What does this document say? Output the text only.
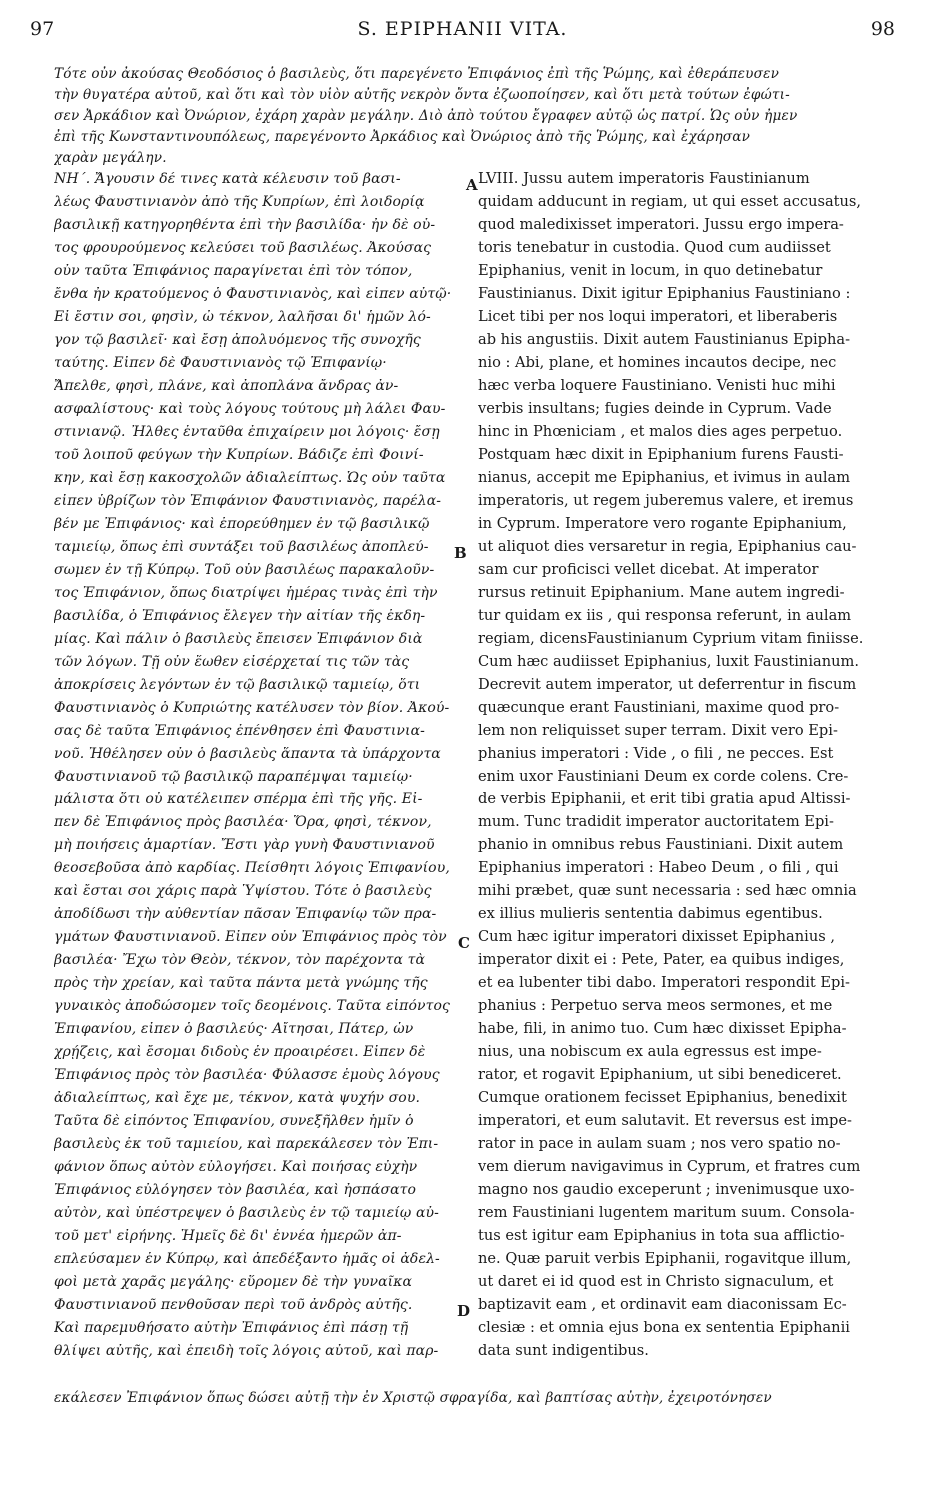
97	S. EPIPHANII VITA.	98
Τότε οὖν ἀκούσας Θεοδόσιος ὁ βασιλεὺς, ὅτι παρεγένετο Ἐπιφάνιος ἐπὶ τῆς Ῥώμης, καὶ ἐθεράπευσεν
τὴν θυγατέρα αὐτοῦ, καὶ ὅτι καὶ τὸν υἱὸν αὐτῆς νεκρὸν ὄντα ἐζωοποίησεν, καὶ ὅτι μετὰ τούτων ἐφώτι-
σεν Ἀρκάδιον καὶ Ὀνώριον, ἐχάρη χαρὰν μεγάλην. Διὸ ἀπὸ τούτου ἔγραφεν αὐτῷ ὡς πατρί. Ὡς οὖν ἦμεν
ἐπὶ τῆς Κωνσταντινουπόλεως, παρεγένοντο Ἀρκάδιος καὶ Ὀνώριος ἀπὸ τῆς Ῥώμης, καὶ ἐχάρησαν
χαρὰν μεγάλην.
ΝΗ΄. Ἄγουσιν δέ τινες κατὰ κέλευσιν τοῦ βασι-
λέως Φαυστινιανὸν ἀπὸ τῆς Κυπρίων, ἐπὶ λοιδορίᾳ
βασιλικῇ κατηγορηθέντα ἐπὶ τὴν βασιλίδα· ἦν δὲ οὗ-
τος φρουρούμενος κελεύσει τοῦ βασιλέως. Ἀκούσας
οὖν ταῦτα Ἐπιφάνιος παραγίνεται ἐπὶ τὸν τόπον,
ἔνθα ἦν κρατούμενος ὁ Φαυστινιανὸς, καὶ εἶπεν αὐτῷ·
Εἰ ἔστιν σοι, φησὶν, ὦ τέκνον, λαλῆσαι δι' ἡμῶν λό-
γον τῷ βασιλεῖ· καὶ ἔσῃ ἀπολυόμενος τῆς συνοχῆς
ταύτης. Εἶπεν δὲ Φαυστινιανὸς τῷ Ἐπιφανίῳ·
Ἄπελθε, φησὶ, πλάνε, καὶ ἀποπλάνα ἄνδρας ἀν-
ασφαλίστους· καὶ τοὺς λόγους τούτους μὴ λάλει Φαυ-
στινιανῷ. Ἦλθες ἐνταῦθα ἐπιχαίρειν μοι λόγοις· ἔσῃ
τοῦ λοιποῦ φεύγων τὴν Κυπρίων. Βάδιζε ἐπὶ Φοινί-
κην, καὶ ἔσῃ κακοσχολῶν ἀδιαλείπτως. Ὡς οὖν ταῦτα
εἶπεν ὑβρίζων τὸν Ἐπιφάνιον Φαυστινιανὸς, παρέλα-
βέν με Ἐπιφάνιος· καὶ ἐπορεύθημεν ἐν τῷ βασιλικῷ
ταμιείῳ, ὅπως ἐπὶ συντάξει τοῦ βασιλέως ἀποπλεύ-
σωμεν ἐν τῇ Κύπρῳ. Τοῦ οὖν βασιλέως παρακαλοῦν-
τος Ἐπιφάνιον, ὅπως διατρίψει ἡμέρας τινὰς ἐπὶ τὴν
βασιλίδα, ὁ Ἐπιφάνιος ἔλεγεν τὴν αἰτίαν τῆς ἐκδη-
μίας. Καὶ πάλιν ὁ βασιλεὺς ἔπεισεν Ἐπιφάνιον διὰ
τῶν λόγων. Τῇ οὖν ἕωθεν εἰσέρχεταί τις τῶν τὰς
ἀποκρίσεις λεγόντων ἐν τῷ βασιλικῷ ταμιείῳ, ὅτι
Φαυστινιανὸς ὁ Κυπριώτης κατέλυσεν τὸν βίον. Ἀκού-
σας δὲ ταῦτα Ἐπιφάνιος ἐπένθησεν ἐπὶ Φαυστινια-
νοῦ. Ἠθέλησεν οὖν ὁ βασιλεὺς ἅπαντα τὰ ὑπάρχοντα
Φαυστινιανοῦ τῷ βασιλικῷ παραπέμψαι ταμιείῳ·
μάλιστα ὅτι οὐ κατέλειπεν σπέρμα ἐπὶ τῆς γῆς. Εἶ-
πεν δὲ Ἐπιφάνιος πρὸς βασιλέα· Ὅρα, φησὶ, τέκνον,
μὴ ποιήσεις ἁμαρτίαν. Ἔστι γὰρ γυνὴ Φαυστινιανοῦ
θεοσεβοῦσα ἀπὸ καρδίας. Πείσθητι λόγοις Ἐπιφανίου,
καὶ ἔσται σοι χάρις παρὰ Ὑψίστου. Τότε ὁ βασιλεὺς
ἀποδίδωσι τὴν αὐθεντίαν πᾶσαν Ἐπιφανίῳ τῶν πρα-
γμάτων Φαυστινιανοῦ. Εἶπεν οὖν Ἐπιφάνιος πρὸς τὸν
βασιλέα· Ἔχω τὸν Θεὸν, τέκνον, τὸν παρέχοντα τὰ
πρὸς τὴν χρείαν, καὶ ταῦτα πάντα μετὰ γνώμης τῆς
γυναικὸς ἀποδώσομεν τοῖς δεομένοις. Ταῦτα εἰπόντος
Ἐπιφανίου, εἶπεν ὁ βασιλεύς· Αἴτησαι, Πάτερ, ὧν
χρῄζεις, καὶ ἔσομαι διδοὺς ἐν προαιρέσει. Εἶπεν δὲ
Ἐπιφάνιος πρὸς τὸν βασιλέα· Φύλασσε ἐμοὺς λόγους
ἀδιαλείπτως, καὶ ἔχε με, τέκνον, κατὰ ψυχήν σου.
Ταῦτα δὲ εἰπόντος Ἐπιφανίου, συνεξῆλθεν ἡμῖν ὁ
βασιλεὺς ἐκ τοῦ ταμιείου, καὶ παρεκάλεσεν τὸν Ἐπι-
φάνιον ὅπως αὐτὸν εὐλογήσει. Καὶ ποιήσας εὐχὴν
Ἐπιφάνιος εὐλόγησεν τὸν βασιλέα, καὶ ἠσπάσατο
αὐτὸν, καὶ ὑπέστρεψεν ὁ βασιλεὺς ἐν τῷ ταμιείῳ αὐ-
τοῦ μετ' εἰρήνης. Ἡμεῖς δὲ δι' ἐννέα ἡμερῶν ἀπ-
επλεύσαμεν ἐν Κύπρῳ, καὶ ἀπεδέξαντο ἡμᾶς οἱ ἀδελ-
φοὶ μετὰ χαρᾶς μεγάλης· εὕρομεν δὲ τὴν γυναῖκα
Φαυστινιανοῦ πενθοῦσαν περὶ τοῦ ἀνδρὸς αὐτῆς.
Καὶ παρεμυθήσατο αὐτὴν Ἐπιφάνιος ἐπὶ πάσῃ τῇ
θλίψει αὐτῆς, καὶ ἐπειδὴ τοῖς λόγοις αὐτοῦ, καὶ παρ-
A
B
C
D
LVIII. Jussu autem imperatoris Faustinianum
quidam adducunt in regiam, ut qui esset accusatus,
quod maledixisset imperatori. Jussu ergo impera-
toris tenebatur in custodia. Quod cum audiisset
Epiphanius, venit in locum, in quo detinebatur
Faustinianus. Dixit igitur Epiphanius Faustiniano :
Licet tibi per nos loqui imperatori, et liberaberis
ab his angustiis. Dixit autem Faustinianus Epipha-
nio : Abi, plane, et homines incautos decipe, nec
hæc verba loquere Faustiniano. Venisti huc mihi
verbis insultans; fugies deinde in Cyprum. Vade
hinc in Phœniciam , et malos dies ages perpetuo.
Postquam hæc dixit in Epiphanium furens Fausti-
nianus, accepit me Epiphanius, et ivimus in aulam
imperatoris, ut regem juberemus valere, et iremus
in Cyprum. Imperatore vero rogante Epiphanium,
ut aliquot dies versaretur in regia, Epiphanius cau-
sam cur proficisci vellet dicebat. At imperator
rursus retinuit Epiphanium. Mane autem ingredi-
tur quidam ex iis , qui responsa referunt, in aulam
regiam, dicensFaustinianum Cyprium vitam finiisse.
Cum hæc audiisset Epiphanius, luxit Faustinianum.
Decrevit autem imperator, ut deferrentur in fiscum
quæcunque erant Faustiniani, maxime quod pro-
lem non reliquisset super terram. Dixit vero Epi-
phanius imperatori : Vide , o fili , ne pecces. Est
enim uxor Faustiniani Deum ex corde colens. Cre-
de verbis Epiphanii, et erit tibi gratia apud Altissi-
mum. Tunc tradidit imperator auctoritatem Epi-
phanio in omnibus rebus Faustiniani. Dixit autem
Epiphanius imperatori : Habeo Deum , o fili , qui
mihi præbet, quæ sunt necessaria : sed hæc omnia
ex illius mulieris sententia dabimus egentibus.
Cum hæc igitur imperatori dixisset Epiphanius ,
imperator dixit ei : Pete, Pater, ea quibus indiges,
et ea lubenter tibi dabo. Imperatori respondit Epi-
phanius : Perpetuo serva meos sermones, et me
habe, fili, in animo tuo. Cum hæc dixisset Epipha-
nius, una nobiscum ex aula egressus est impe-
rator, et rogavit Epiphanium, ut sibi benediceret.
Cumque orationem fecisset Epiphanius, benedixit
imperatori, et eum salutavit. Et reversus est impe-
rator in pace in aulam suam ; nos vero spatio no-
vem dierum navigavimus in Cyprum, et fratres cum
magno nos gaudio exceperunt ; invenimusque uxo-
rem Faustiniani lugentem maritum suum. Consola-
tus est igitur eam Epiphanius in tota sua afflictio-
ne. Quæ paruit verbis Epiphanii, rogavitque illum,
ut daret ei id quod est in Christo signaculum, et
baptizavit eam , et ordinavit eam diaconissam Ec-
clesiæ : et omnia ejus bona ex sententia Epiphanii
data sunt indigentibus.
εκάλεσεν Ἐπιφάνιον ὅπως δώσει αὐτῇ τὴν ἐν Χριστῷ σφραγίδα, καὶ βαπτίσας αὐτὴν, ἐχειροτόνησεν
